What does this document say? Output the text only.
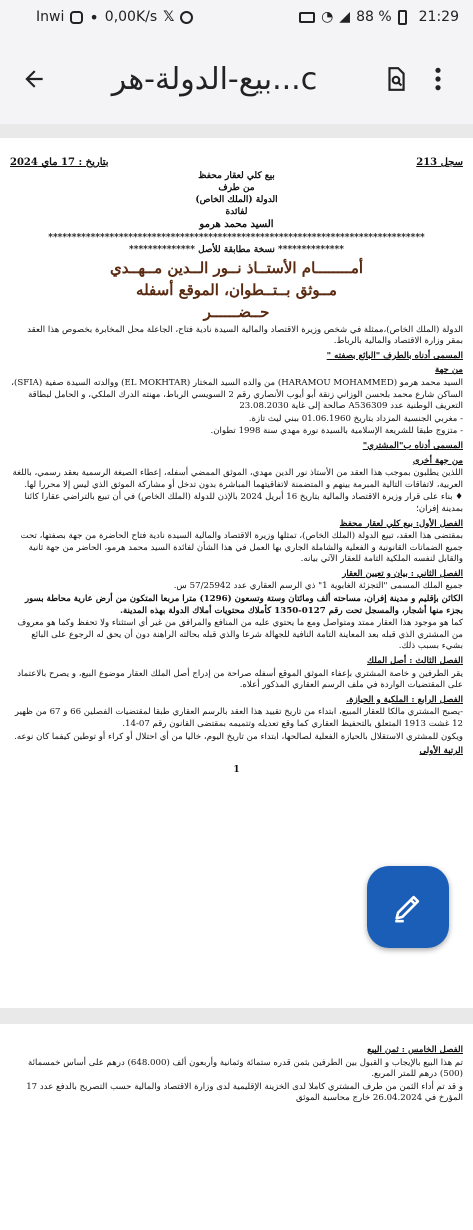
Inwi • 0,00K/s 𝕏	◔ ◢ 88 % 21:29
بيع-الدولة-هر...c
سجل 213
بتاريخ : 17 ماي 2024
بيع كلي لعقار محفظ
من طرف
الدولة (الملك الخاص)
لفائدة
السيد محمد هرمو
********************************************************************************
************** نسخة مطابقة للأصل **************
أمــــــــام الأستــاذ نــور الــدين مــهــدي
مــوثق بــتــطوان، الموقع أسفله
حــضــــــر
الدولة (الملك الخاص)،ممثلة في شخص وزيرة الاقتصاد والمالية السيدة نادية فتاح، الجاعلة محل المخابرة بخصوص هذا العقد بمقر وزارة الاقتصاد والمالية بالرباط.
المسمى أدناه بالطرف "البائع بصفته "
من جهة
السيد محمد هرمو (HARAMOU MOHAMMED) من والده السيد المختار (EL MOKHTAR) ووالدته السيدة صفية (SFIA)، الساكن شارع محمد بلحسن الوزاني زنقة أبو أيوب الأنصاري رقم 2 السويسي الرباط، مهنته الدرك الملكي، و الحامل لبطاقة التعريف الوطنية عدد A536309 صالحة إلى غاية 23.08.2030
- مغربي الجنسية المزداد بتاريخ 01.06.1960 ببني ليث تازة.
- متزوج طبقا للشريعة الإسلامية بالسيدة نورة مهدي سنة 1998 تطوان.
المسمى أدناه ب"المشتري"
من جهة أخرى
اللذين يطلبون بموجب هذا العقد من الأستاذ نور الدين مهدي، الموثق الممضي أسفله، إعطاء الصيغة الرسمية بعقد رسمي، باللغة العربية، لاتفاقات التالية المبرمة بينهم و المتضمنة لاتفاقيتهما المباشرة بدون تدخل أو مشاركة الموثق الذي ليس إلا محررا لها.
♦ بناء على قرار وزيرة الاقتصاد والمالية بتاريخ 16 أبريل 2024 بالإذن للدولة (الملك الخاص) في أن تبيع بالتراضي عقارا كائنا بمدينة إفران؛
الفصل الأول: بيع كلي لعقار محفظ
بمقتضى هذا العقد، تبيع الدولة (الملك الخاص)، تمثلها وزيرة الاقتصاد والمالية السيدة نادية فتاح الحاضرة من جهة بصفتها، تحت جميع الضمانات القانونية و الفعلية والشاملة الجاري بها العمل في هذا الشأن لفائدة السيد محمد هرمو، الحاضر من جهة ثانية والقابل لنفسه الملكية التامة للعقار الآتي بيانه.
الفصل الثاني : بيان و تعيين العقار
جميع الملك المسمى "التجزئة الغابوية 1" ذي الرسم العقاري عدد 57/25942 س.
الكائن بإقليم و مدينة إفران، مساحته ألف ومائتان وستة وتسعون (1296) مترا مربعا المتكون من أرض عارية محاطة بسور بجزء منها أشجار، والمسجل تحت رقم 0127-1350 كأملاك محتويات أملاك الدولة بهذه المدينة.
كما هو موجود هذا العقار ممتد ومتواصل ومع ما يحتوي عليه من المنافع والمرافق من غير أي استثناء ولا تحفظ وكما هو معروف من المشتري الذي قبله بعد المعاينة التامة النافية للجهالة شرعا والذي قبله بحالته الراهنة دون أن يحق له الرجوع على البائع بشيء بسبب ذلك.
الفصل الثالث : أصل الملك
يقر الطرفين و خاصة المشتري بإعفاء الموثق الموقع أسفله صراحة من إدراج أصل الملك العقار موضوع البيع، و يصرح بالاعتماد على المقتضيات الواردة في ملف الرسم العقاري المذكور أعلاه.
الفصل الرابع : الملكية و الحيازة.
-يصبح المشتري مالكا للعقار المبيع، ابتداء من تاريخ تقييد هذا العقد بالرسم العقاري طبقا لمقتضيات الفصلين 66 و 67 من ظهير 12 غشت 1913 المتعلق بالتحفيظ العقاري كما وقع تعديله وتتميمه بمقتضى القانون رقم 07-14.
ويكون للمشتري الاستقلال بالحيازة الفعلية لصالحها، ابتداء من تاريخ اليوم، خاليا من أي احتلال أو كراء أو توطين كيفما كان نوعه.
الرتبة الأولى
1
الفصل الخامس : ثمن البيع
تم هذا البيع بالإيجاب و القبول بين الطرفين بثمن قدره ستمائة وثمانية وأربعون ألف (648.000) درهم على أساس خمسمائة (500) درهم للمتر المربع.
و قد تم أداء الثمن من طرف المشتري كاملا لدى الخزينة الإقليمية لدى وزارة الاقتصاد والمالية حسب التصريح بالدفع عدد 17 المؤرخ في 26.04.2024 خارج محاسبة الموثق
